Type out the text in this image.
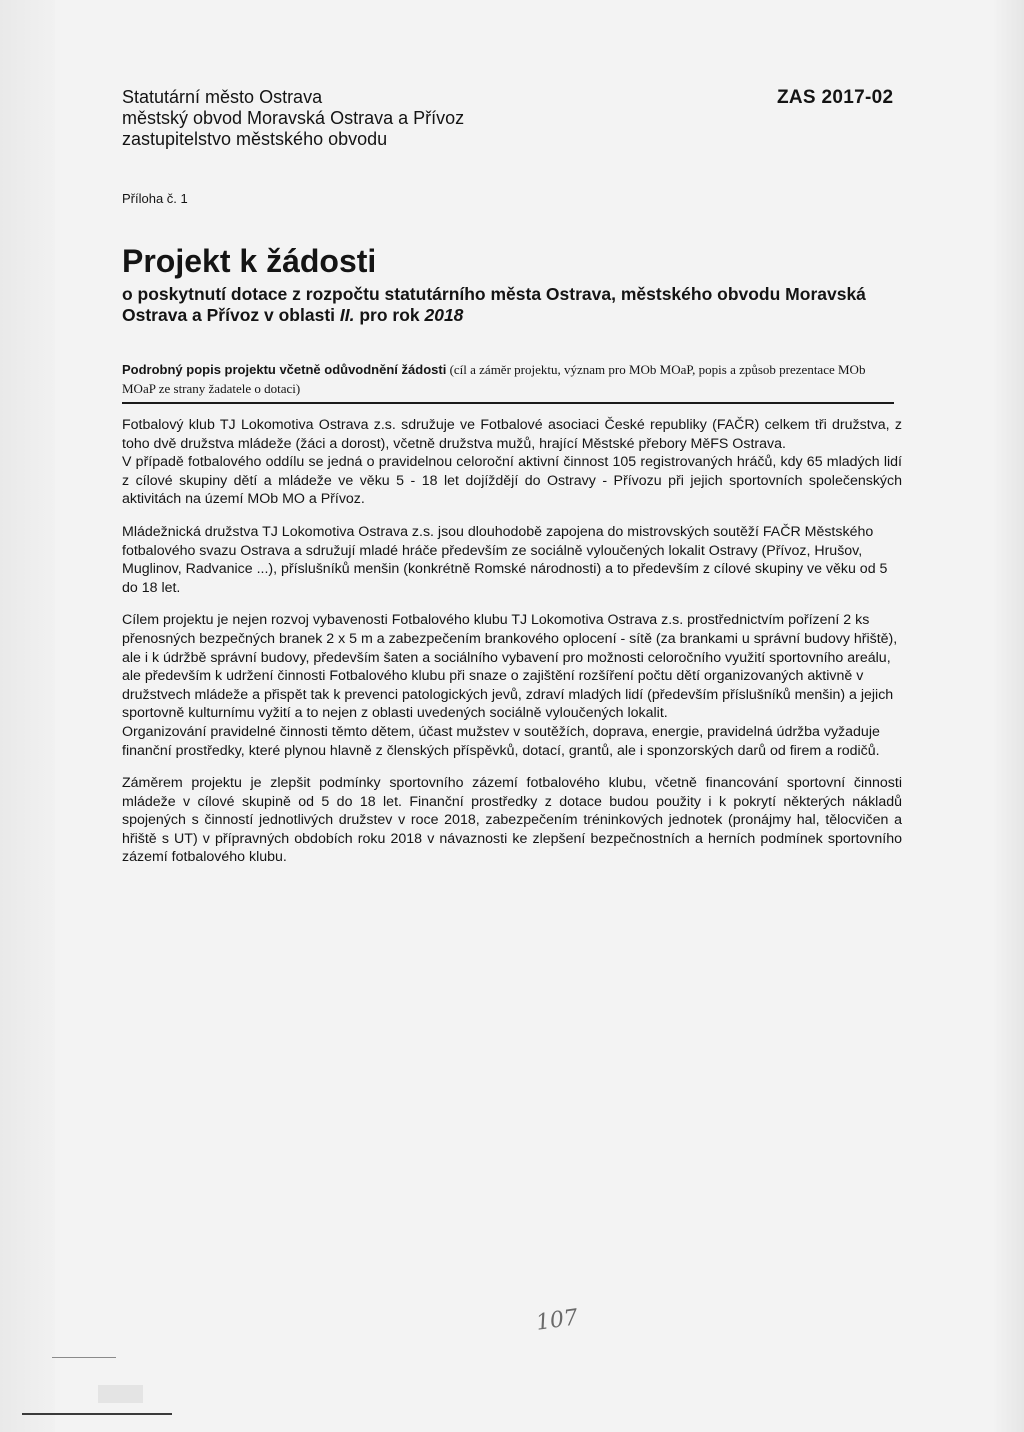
Statutární město Ostrava
městský obvod Moravská Ostrava a Přívoz
zastupitelstvo městského obvodu
ZAS 2017-02
Příloha č. 1
Projekt k žádosti

o poskytnutí dotace z rozpočtu statutárního města Ostrava, městského obvodu Moravská Ostrava a Přívoz v oblasti II. pro rok 2018

Podrobný popis projektu včetně odůvodnění žádosti (cíl a záměr projektu, význam pro MOb MOaP, popis a způsob prezentace MOb MOaP ze strany žadatele o dotaci)

Fotbalový klub TJ Lokomotiva Ostrava z.s. sdružuje ve Fotbalové asociaci České republiky (FAČR) celkem tři družstva, z toho dvě družstva mládeže (žáci a dorost), včetně družstva mužů, hrající Městské přebory MěFS Ostrava.

V případě fotbalového oddílu se jedná o pravidelnou celoroční aktivní činnost 105 registrovaných hráčů, kdy 65 mladých lidí z cílové skupiny dětí a mládeže ve věku 5 - 18 let dojíždějí do Ostravy - Přívozu při jejich sportovních společenských aktivitách na území MOb MO a Přívoz.

Mládežnická družstva TJ Lokomotiva Ostrava z.s. jsou dlouhodobě zapojena do mistrovských soutěží FAČR Městského fotbalového svazu Ostrava a sdružují mladé hráče především ze sociálně vyloučených lokalit Ostravy (Přívoz, Hrušov, Muglinov, Radvanice ...), příslušníků menšin (konkrétně Romské národnosti) a to především z cílové skupiny ve věku od 5 do 18 let.

Cílem projektu je nejen rozvoj vybavenosti Fotbalového klubu TJ Lokomotiva Ostrava z.s. prostřednictvím pořízení 2 ks přenosných bezpečných branek 2 x 5 m a zabezpečením brankového oplocení - sítě (za brankami u správní budovy hřiště), ale i k údržbě správní budovy, především šaten a sociálního vybavení pro možnosti celoročního využití sportovního areálu, ale především k udržení činnosti Fotbalového klubu při snaze o zajištění rozšíření počtu dětí organizovaných aktivně v družstvech mládeže a přispět tak k prevenci patologických jevů, zdraví mladých lidí (především příslušníků menšin) a jejich sportovně kulturnímu vyžití a to nejen z oblasti uvedených sociálně vyloučených lokalit.

Organizování pravidelné činnosti těmto dětem, účast mužstev v soutěžích, doprava, energie, pravidelná údržba vyžaduje finanční prostředky, které plynou hlavně z členských příspěvků, dotací, grantů, ale i sponzorských darů od firem a rodičů.

Záměrem projektu je zlepšit podmínky sportovního zázemí fotbalového klubu, včetně financování sportovní činnosti mládeže v cílové skupině od 5 do 18 let. Finanční prostředky z dotace budou použity i k pokrytí některých nákladů spojených s činností jednotlivých družstev v roce 2018, zabezpečením tréninkových jednotek (pronájmy hal, tělocvičen a hřiště s UT) v přípravných obdobích roku 2018 v návaznosti ke zlepšení bezpečnostních a herních podmínek sportovního zázemí fotbalového klubu.

107
